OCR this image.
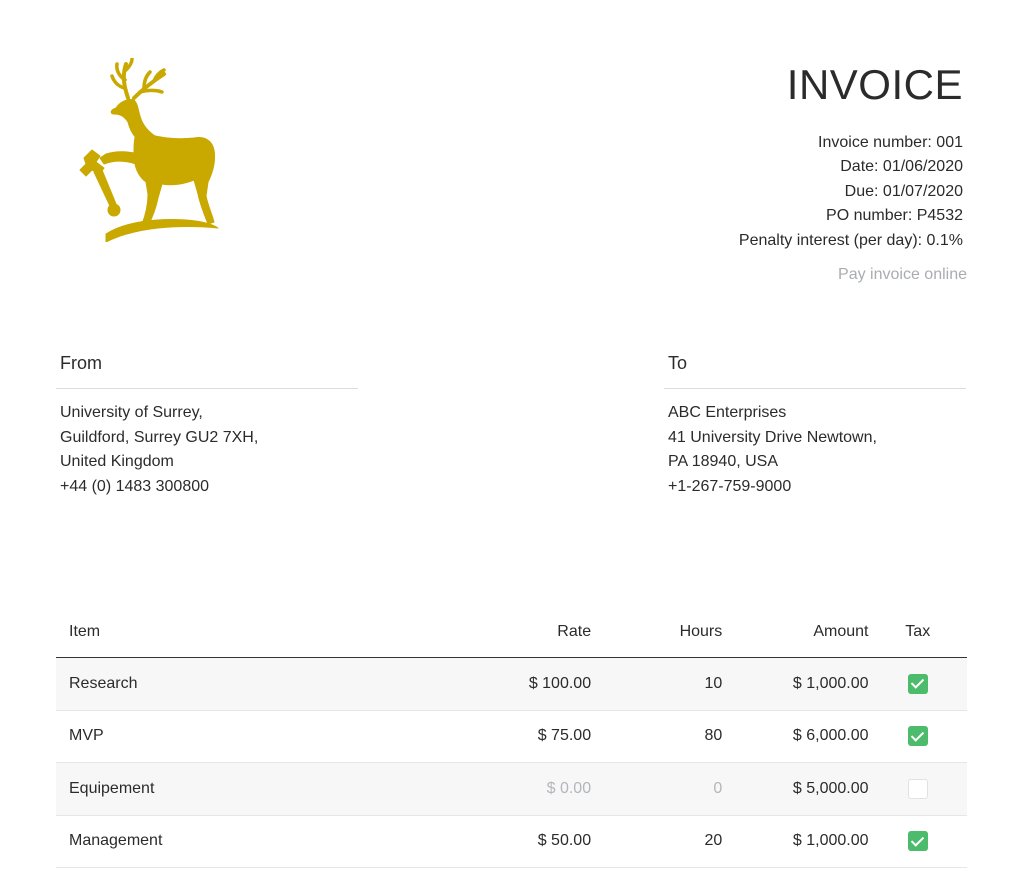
INVOICE
Invoice number: 001
Date: 01/06/2020
Due: 01/07/2020
PO number: P4532
Penalty interest (per day): 0.1%
Pay invoice online
From
University of Surrey,
Guildford, Surrey GU2 7XH,
United Kingdom
+44 (0) 1483 300800
To
ABC Enterprises
41 University Drive Newtown,
PA 18940, USA
+1-267-759-9000
Item	Rate	Hours	Amount	Tax
Research	$ 100.00	10	$ 1,000.00	
MVP	$ 75.00	80	$ 6,000.00	
Equipement	$ 0.00	0	$ 5,000.00	
Management	$ 50.00	20	$ 1,000.00	
